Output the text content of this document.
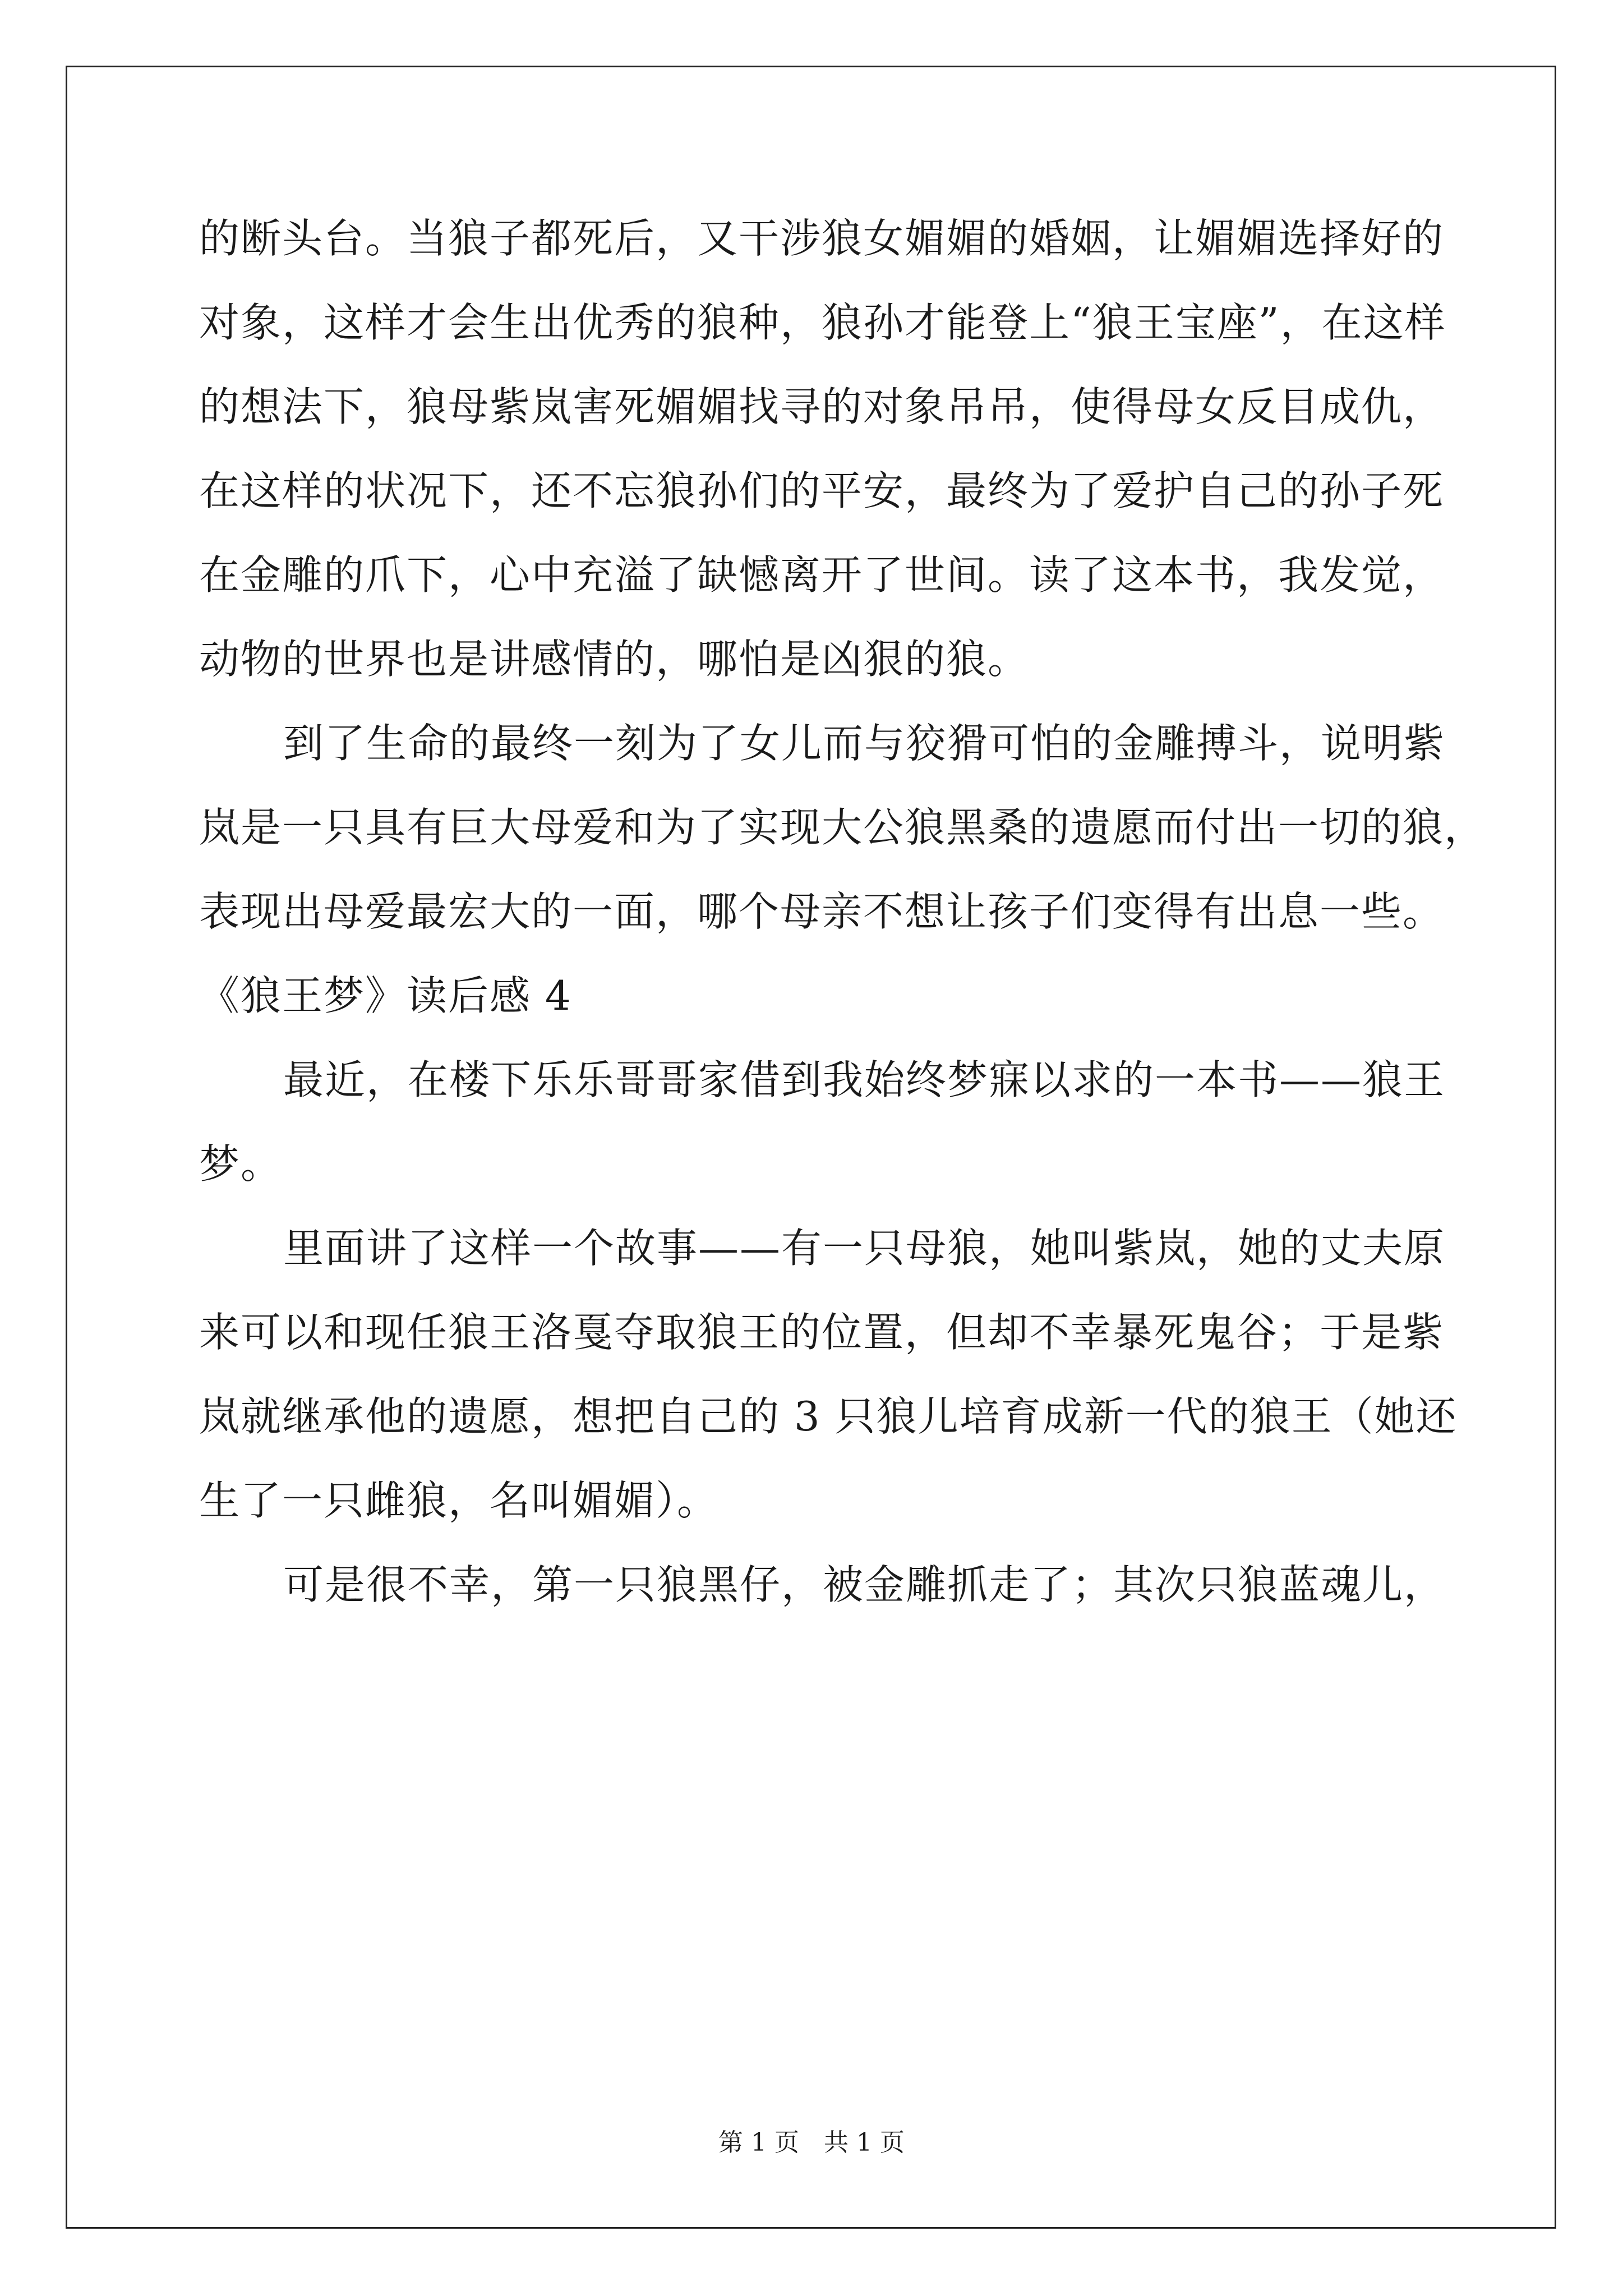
的断头台。当狼子都死后，又干涉狼女媚媚的婚姻，让媚媚选择好的
对象，这样才会生出优秀的狼种，狼孙才能登上“狼王宝座”，在这样
的想法下，狼母紫岚害死媚媚找寻的对象吊吊，使得母女反目成仇，
在这样的状况下，还不忘狼孙们的平安，最终为了爱护自己的孙子死
在金雕的爪下，心中充溢了缺憾离开了世间。读了这本书，我发觉，
动物的世界也是讲感情的，哪怕是凶狠的狼。
到了生命的最终一刻为了女儿而与狡猾可怕的金雕搏斗，说明紫
岚是一只具有巨大母爱和为了实现大公狼黑桑的遗愿而付出一切的狼，
表现出母爱最宏大的一面，哪个母亲不想让孩子们变得有出息一些。
《狼王梦》读后感 4
最近，在楼下乐乐哥哥家借到我始终梦寐以求的一本书——狼王
梦。
里面讲了这样一个故事——有一只母狼，她叫紫岚，她的丈夫原
来可以和现任狼王洛戛夺取狼王的位置，但却不幸暴死鬼谷；于是紫
岚就继承他的遗愿，想把自己的 3 只狼儿培育成新一代的狼王（她还
生了一只雌狼，名叫媚媚）。
可是很不幸，第一只狼黑仔，被金雕抓走了；其次只狼蓝魂儿，
第 1 页　共 1 页
